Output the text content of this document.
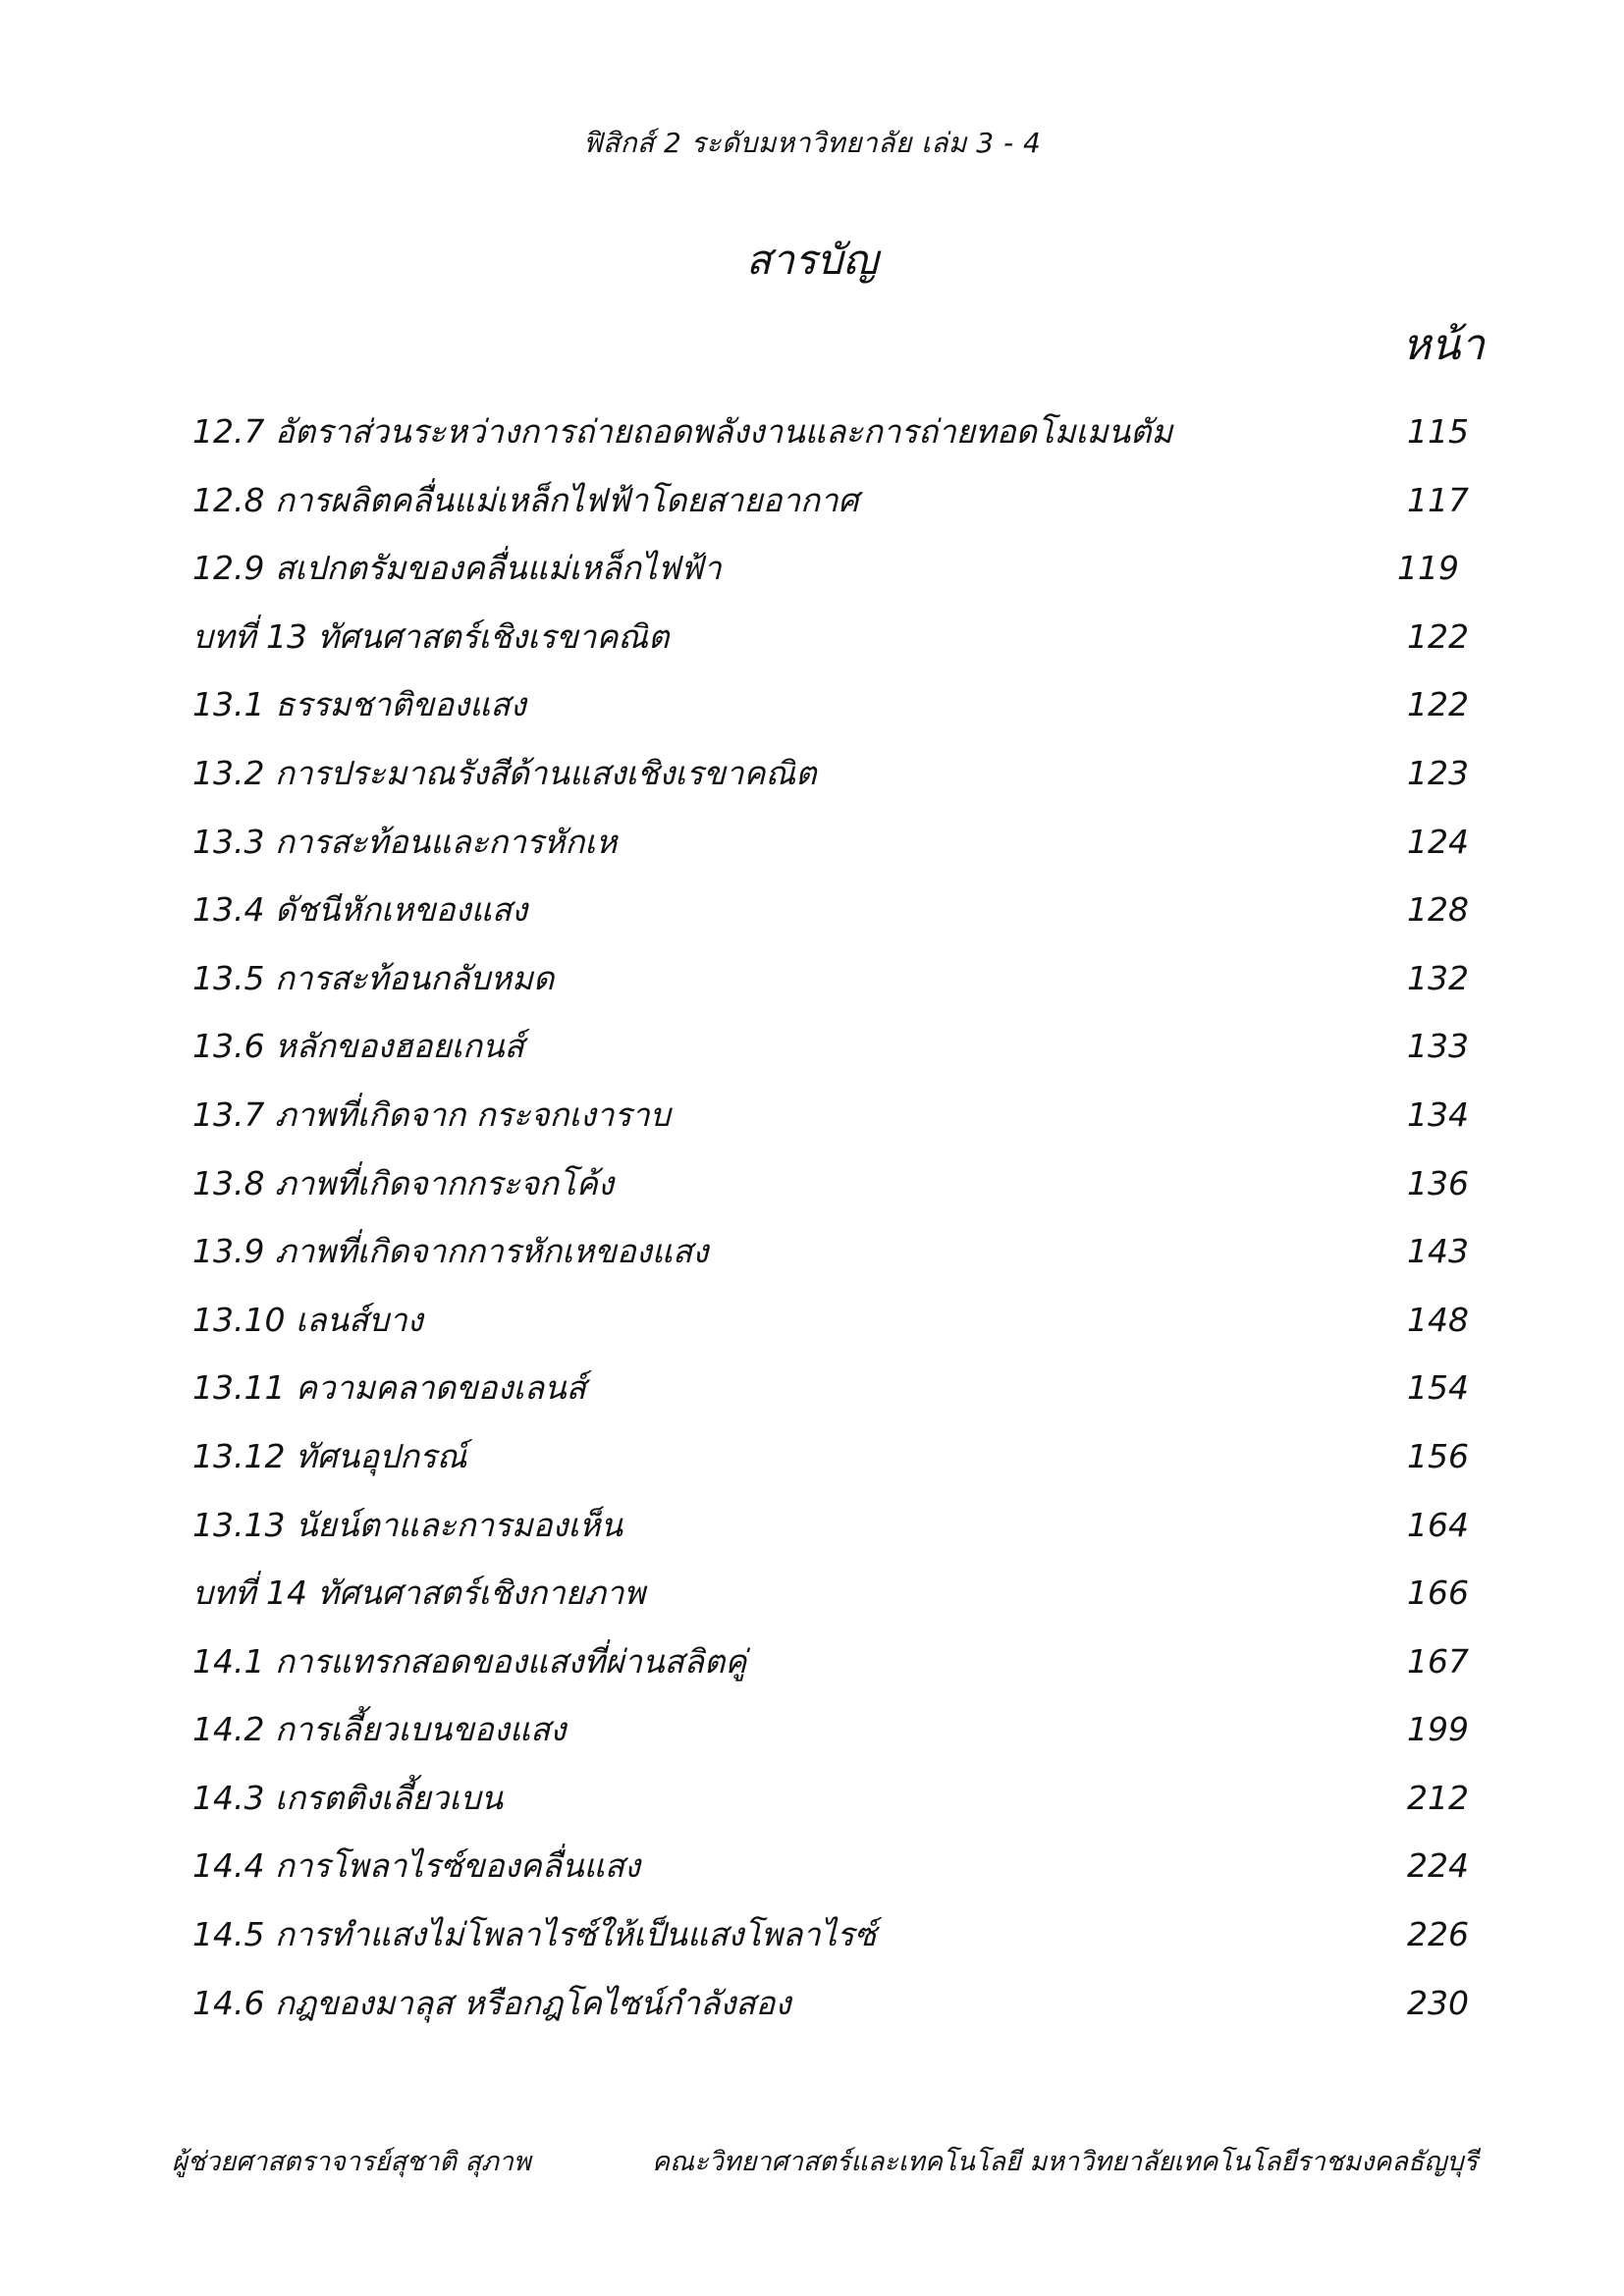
ฟิสิกส์ 2 ระดับมหาวิทยาลัย เล่ม 3 - 4
สารบัญ
หน้า
12.7 อัตราส่วนระหว่างการถ่ายถอดพลังงานและการถ่ายทอดโมเมนตัม	115
12.8 การผลิตคลื่นแม่เหล็กไฟฟ้าโดยสายอากาศ	117
12.9 สเปกตรัมของคลื่นแม่เหล็กไฟฟ้า	119
บทที่ 13 ทัศนศาสตร์เชิงเรขาคณิต	122
13.1 ธรรมชาติของแสง	122
13.2 การประมาณรังสีด้านแสงเชิงเรขาคณิต	123
13.3 การสะท้อนและการหักเห	124
13.4 ดัชนีหักเหของแสง	128
13.5 การสะท้อนกลับหมด	132
13.6 หลักของฮอยเกนส์	133
13.7 ภาพที่เกิดจาก กระจกเงาราบ	134
13.8 ภาพที่เกิดจากกระจกโค้ง	136
13.9 ภาพที่เกิดจากการหักเหของแสง	143
13.10 เลนส์บาง	148
13.11 ความคลาดของเลนส์	154
13.12 ทัศนอุปกรณ์	156
13.13 นัยน์ตาและการมองเห็น	164
บทที่ 14 ทัศนศาสตร์เชิงกายภาพ	166
14.1 การแทรกสอดของแสงที่ผ่านสลิตคู่	167
14.2 การเลี้ยวเบนของแสง	199
14.3 เกรตติงเลี้ยวเบน	212
14.4 การโพลาไรซ์ของคลื่นแสง	224
14.5 การทำแสงไม่โพลาไรซ์ให้เป็นแสงโพลาไรซ์	226
14.6 กฎของมาลุส หรือกฎโคไซน์กำลังสอง	230
ผู้ช่วยศาสตราจารย์สุชาติ สุภาพ	คณะวิทยาศาสตร์และเทคโนโลยี มหาวิทยาลัยเทคโนโลยีราชมงคลธัญบุรี
